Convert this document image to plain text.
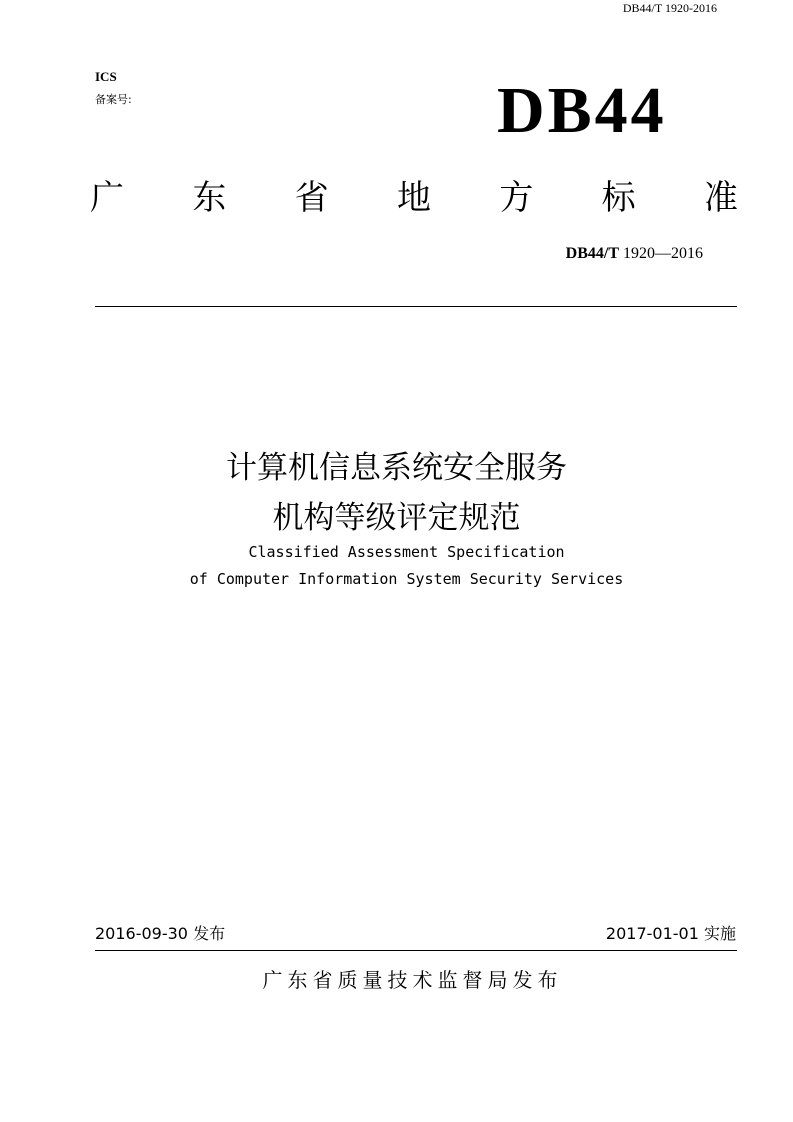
DB44/T 1920-2016
ICS
备案号:	DB44
广 东 省 地 方 标 准
DB44/T 1920—2016
计算机信息系统安全服务
机构等级评定规范
Classified Assessment Specification
of Computer Information System Security Services
2016-09-30 发布	2017-01-01 实施
广东省质量技术监督局发布
